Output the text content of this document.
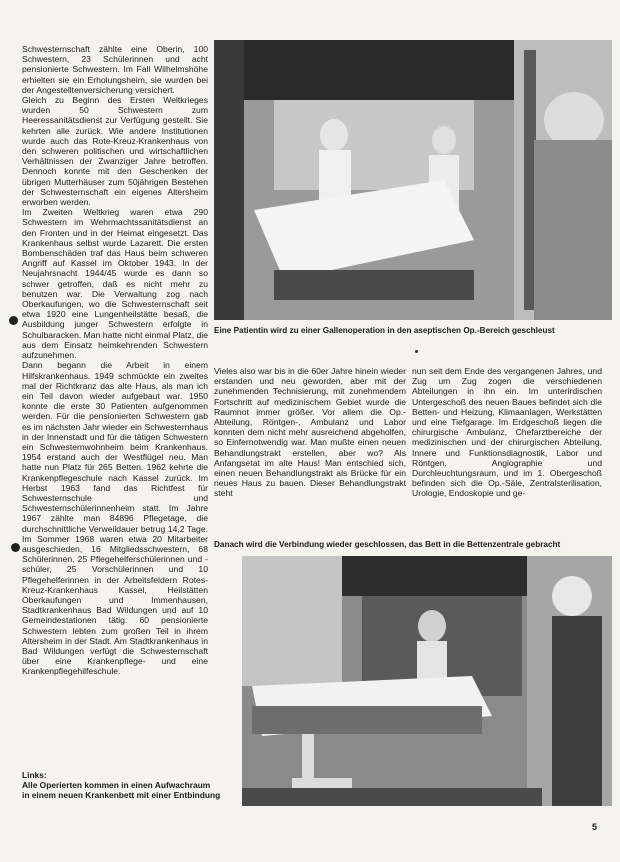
Schwesternschaft zählte eine Oberin, 100 Schwestern, 23 Schülerinnen und acht pensionierte Schwestern. Im Fall Wilhelmshöhe erhielten sie ein Erholungsheim, sie wurden bei der Angestelltenversicherung versichert.

Gleich zu Beginn des Ersten Weltkrieges wurden 50 Schwestern zum Heeressanitätsdienst zur Verfügung gestellt. Sie kehrten alle zurück. Wie andere Institutionen wurde auch das Rote-Kreuz-Krankenhaus von den schweren politischen und wirtschaftlichen Verhältnissen der Zwanziger Jahre betroffen. Dennoch konnte mit den Geschenken der übrigen Mutterhäuser zum 50jährigen Bestehen der Schwesternschaft ein eigenes Altersheim erworben werden.

Im Zweiten Weltkrieg waren etwa 290 Schwestern im Wehrmachtssanitätsdienst an den Fronten und in der Heimat eingesetzt. Das Krankenhaus selbst wurde Lazarett. Die ersten Bombenschäden traf das Haus beim schweren Angriff auf Kassel im Oktober 1943. In der Neujahrsnacht 1944/45 wurde es dann so schwer getroffen, daß es nicht mehr zu benutzen war. Die Verwaltung zog nach Oberkaufungen, wo die Schwesternschaft seit etwa 1920 eine Lungenheilstätte besaß, die Ausbildung junger Schwestern erfolgte in Schulbaracken. Man hatte nicht einmal Platz, die aus dem Einsatz heimkehrenden Schwestern aufzunehmen.

Dann begann die Arbeit in einem Hilfskrankenhaus. 1949 schmückte ein zweites mal der Richtkranz das alte Haus, als man ich ein Teil davon wieder aufgebaut war. 1950 konnte die erste 30 Patienten aufgenommen werden. Für die pensionierten Schwestern gab es im nächsten Jahr wieder ein Schwesternhaus in der Innenstadt und für die tätigen Schwestern ein Schwesternwohnheim beim Krankenhaus. 1954 erstand auch der Westflügel neu. Man hatte nun Platz für 265 Betten. 1962 kehrte die Krankenpflegeschule nach Kassel zurück. Im Herbst 1963 fand das Richtfest für Schwesternschule und Schwesternschülerinnenheim statt. Im Jahre 1967 zählte man 84896 Pflegetage, die durchschnittliche Verweildauer betrug 14,2 Tage. Im Sommer 1968 waren etwa 20 Mitarbeiter ausgeschieden, 16 Mitgliedsschwestern, 68 Schülerinnen, 25 Pflegehelferschülerinnen und -schüler, 25 Vorschülerinnen und 10 Pflegehelferinnen in der Arbeitsfeldern Rotes-Kreuz-Krankenhaus Kassel, Heilstätten Oberkaufungen und Immenhausen, Stadtkrankenhaus Bad Wildungen und auf 10 Gemeindestationen tätig. 60 pensionierte Schwestern lebten zum großen Teil in ihrem Altersheim in der Stadt. Am Stadtkrankenhaus in Bad Wildungen verfügt die Schwesternschaft über eine Krankenpflege- und eine Krankenpflegehilfeschule.

Links:
Alle Operierten kommen in einen Aufwachraum
in einem neuen Krankenbett mit einer Entbindung
Eine Patientin wird zu einer Gallenoperation in den aseptischen Op.-Bereich geschleust

Vieles also war bis in die 60er Jahre hinein wieder erstanden und neu geworden, aber mit der zunehmenden Technisierung, mit zunehmendem Fortschritt auf medizinischem Gebiet wurde die Raumnot immer größer. Vor allem die Op.-Abteilung, Röntgen-, Ambulanz und Labor konnten dem nicht mehr ausreichend abgeholfen, so Einfernotwendig war. Man mußte einen neuen Behandlungstrakt erstellen, aber wo? Als Anfangsetat im alte Haus! Man entschied sich, einen neuen Behandlungstrakt als Brücke für ein neues Haus zu bauen. Dieser Behandlungstrakt steht

nun seit dem Ende des vergangenen Jahres, und Zug um Zug zogen die verschiedenen Abteilungen in ihn ein. Im unterirdischen Untergeschoß des neuen Baues befindet sich die Betten- und Heizung, Klimaanlagen, Werkstätten und eine Tiefgarage. Im Erdgeschoß liegen die chirurgische Ambulanz, Chefarztbereiche der medizinischen und der chirurgischen Abteilung, Innere und Funktionsdiagnostik, Labor und Röntgen, Angiographie und Durchleuchtungsraum, und im 1. Obergeschoß befinden sich die Op.-Säle, Zentralsterilisation, Urologie, Endoskopie und ge-

Danach wird die Verbindung wieder geschlossen, das Bett in die Bettenzentrale gebracht
5
